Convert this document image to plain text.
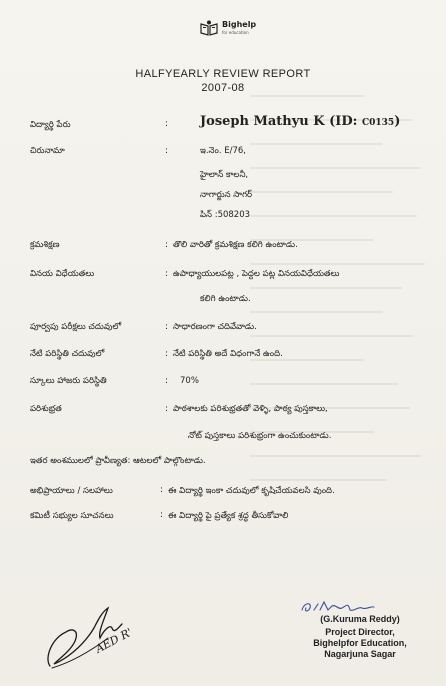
Bighelp
for education
HALFYEARLY REVIEW REPORT
2007-08
విద్యార్థి పేరు	: Joseph Mathyu K (ID: C0135)
చిరునామా	:	ఇ.నెం. E/76,
హైలాన్ కాలనీ,
నాగార్జున సాగర్
పిన్ :508203
క్రమశిక్షణ	: తొలి వారితో క్రమశిక్షణ కలిగి ఉంటాడు.
వినయ విధేయతలు	: ఉపాధ్యాయులపట్ల , పెద్దల పట్ల వినయవిధేయతలు
కలిగి ఉంటాడు.
పూర్వపు పరీక్షలు చదువులో	: సాధారణంగా చదివేవాడు.
నేటి పరిస్థితి చదువులో	: నేటి పరిస్థితి అదే విధంగానే ఉంది.
స్కూలు హాజరు పరిస్థితి	: 70%
పరిశుభ్రత	: పాఠశాలకు పరిశుభ్రతతో వెళ్ళి, పాఠ్య పుస్తకాలు,
నోట్ పుస్తకాలు పరిశుభ్రంగా ఉంచుకుంటాడు.
ఇతర అంశములలో ప్రావీణ్యత: ఆటలలో పాల్గొంటాడు.
అభిప్రాయాలు / సలహాలు	: ఈ విద్యార్థి ఇంకా చదువులో కృషిచేయవలసి వుంది.
కమిటీ సభ్యుల సూచనలు	: ఈ విద్యార్థి పై ప్రత్యేక శ్రద్ధ తీసుకోవాలి
AED R'
(G.Kuruma Reddy)
Project Director,
Bighelpfor Education,
Nagarjuna Sagar
